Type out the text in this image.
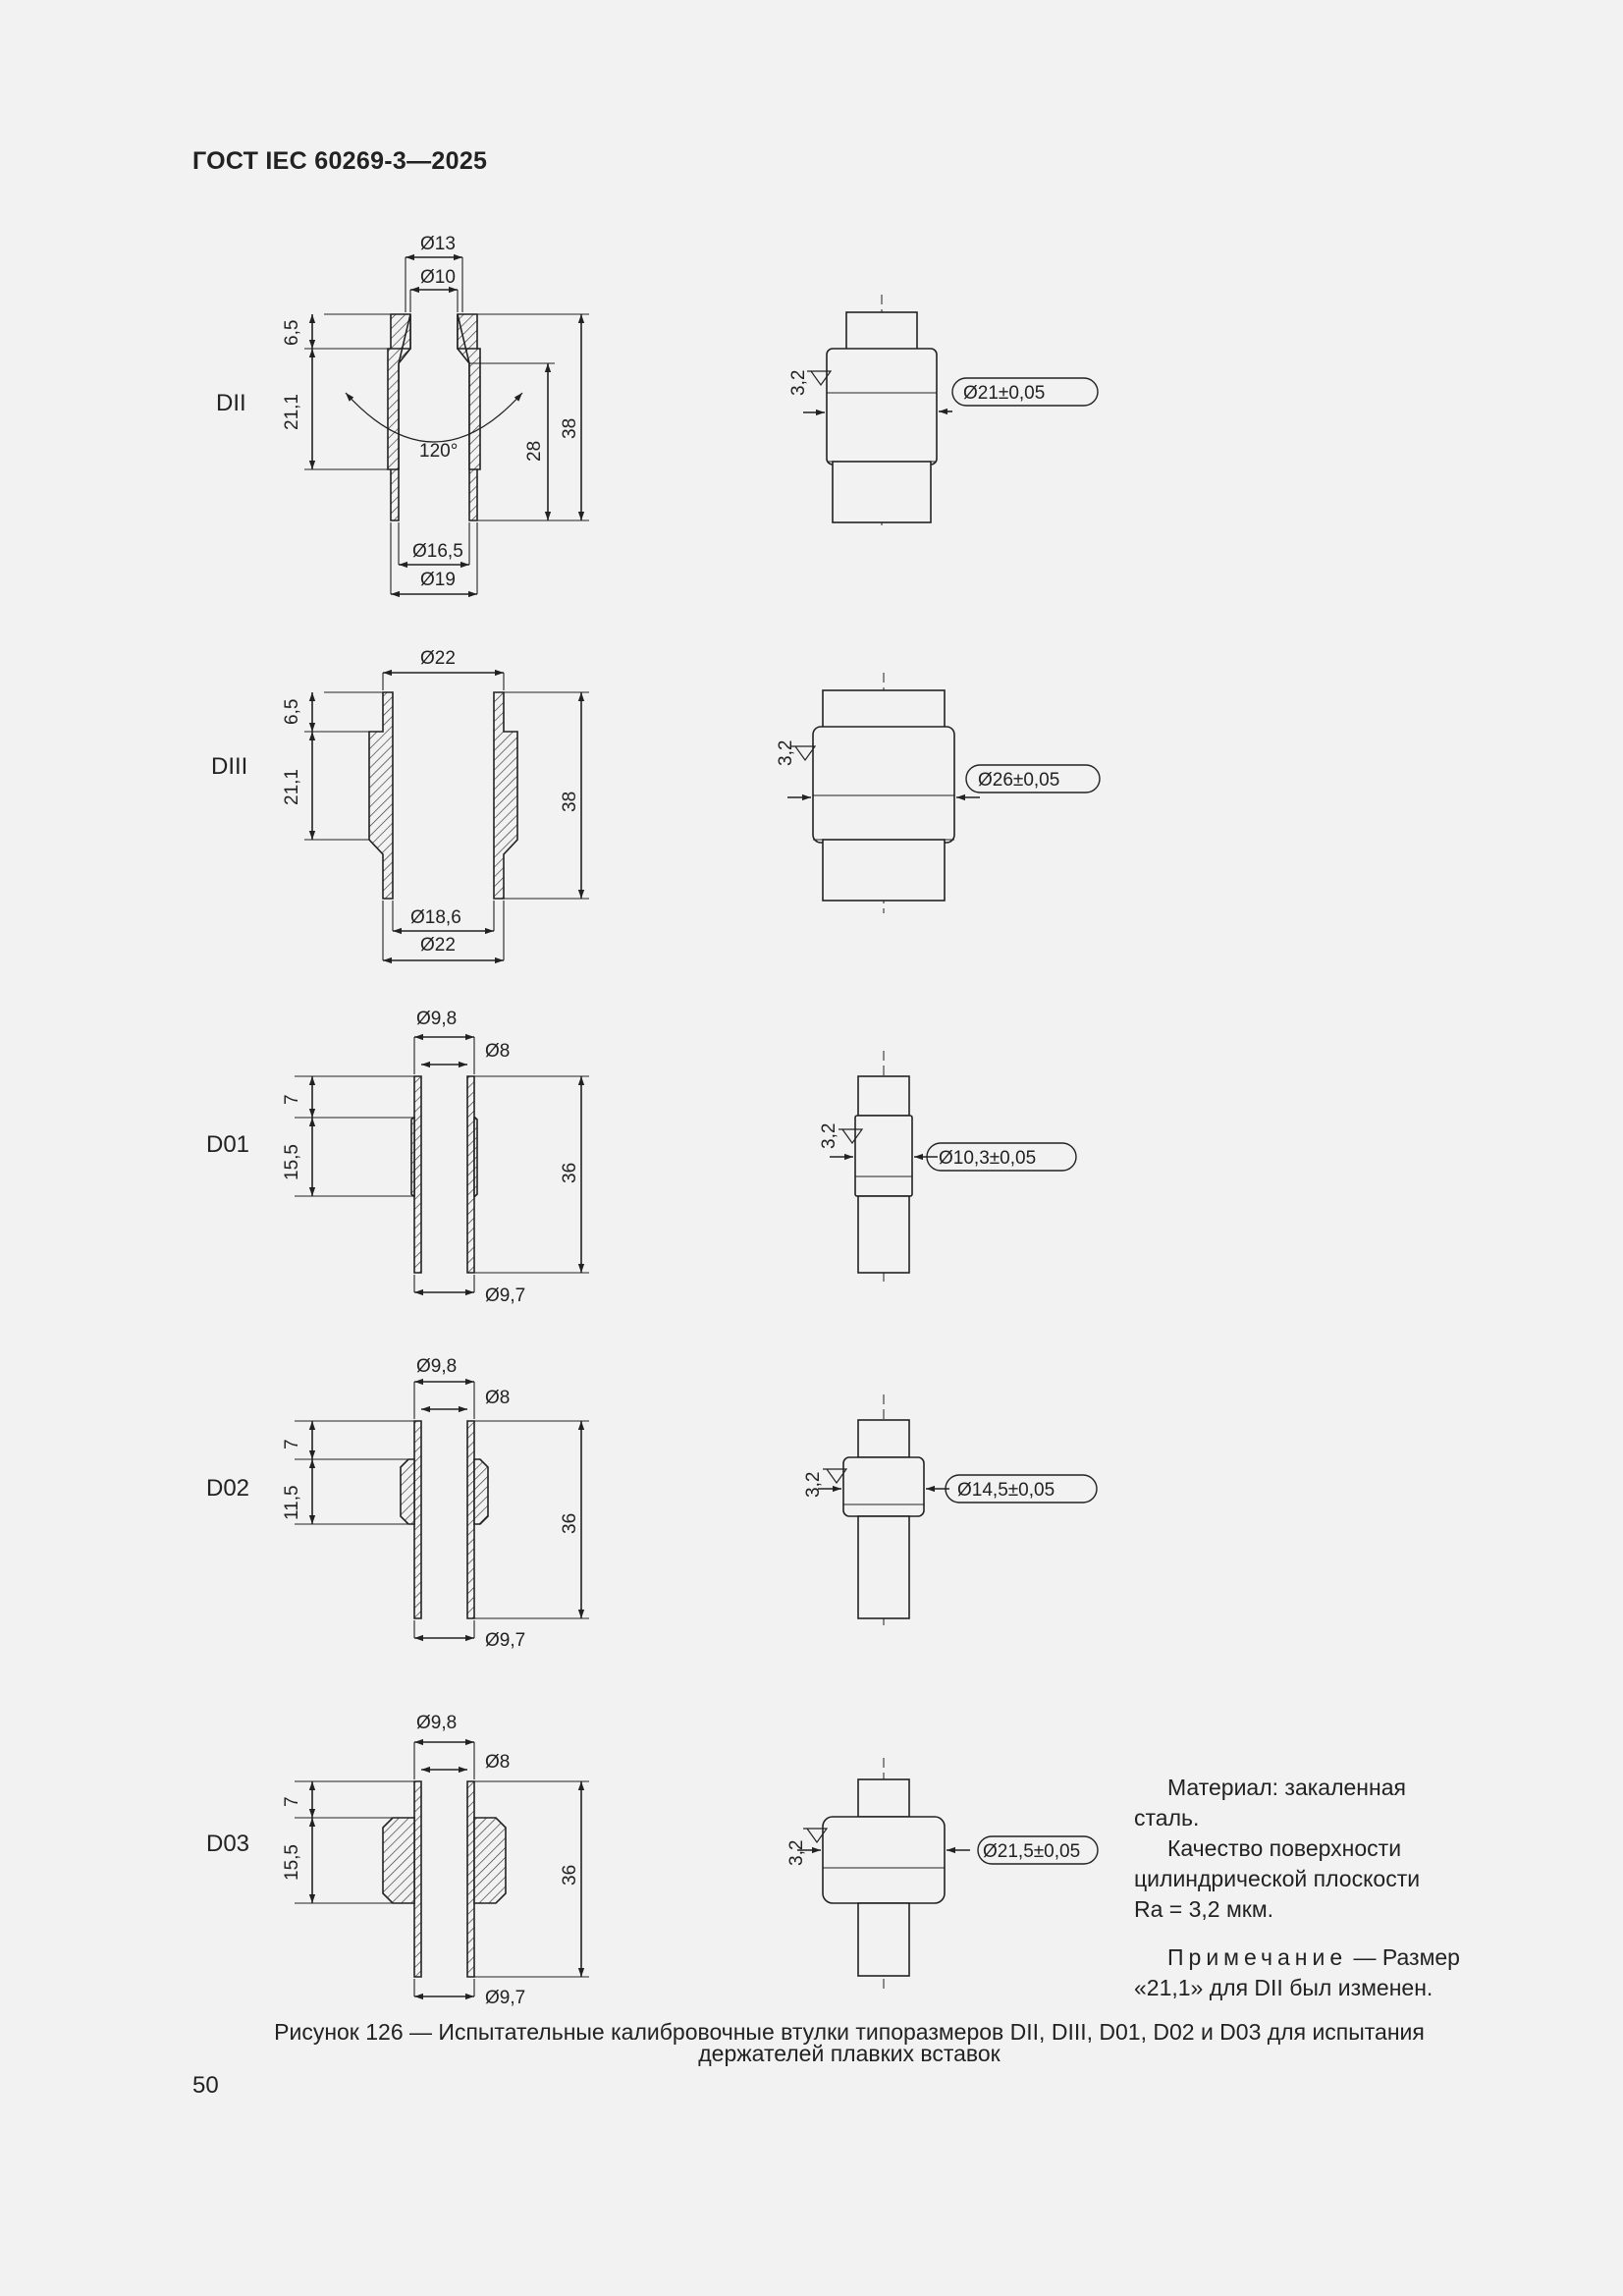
ГОСТ IEC 60269-3—2025
DII
Ø13
Ø10
6,5
21,1
28
38
120°
Ø16,5
Ø19
3,2	Ø21±0,05
DIII
Ø22
6,5
21,1	38
Ø18,6
Ø22
3,2
Ø26±0,05
D01
Ø9,8
Ø8
7
15,5	36
Ø9,7
3,2
Ø10,3±0,05
D02
Ø9,8
Ø8
7
11,5
36
Ø9,7
3,2	Ø14,5±0,05
D03
Ø9,8
Ø8
7
15,5	36
Ø9,7
3,2	Ø21,5±0,05

Материал: закаленная

сталь.

Качество поверхности

цилиндрической плоскости

Ra = 3,2 мкм.

Примечание — Размер

«21,1» для DII был изменен.

Рисунок 126 — Испытательные калибровочные втулки типоразмеров DII, DIII, D01, D02 и D03 для испытания
держателей плавких вставок
50
